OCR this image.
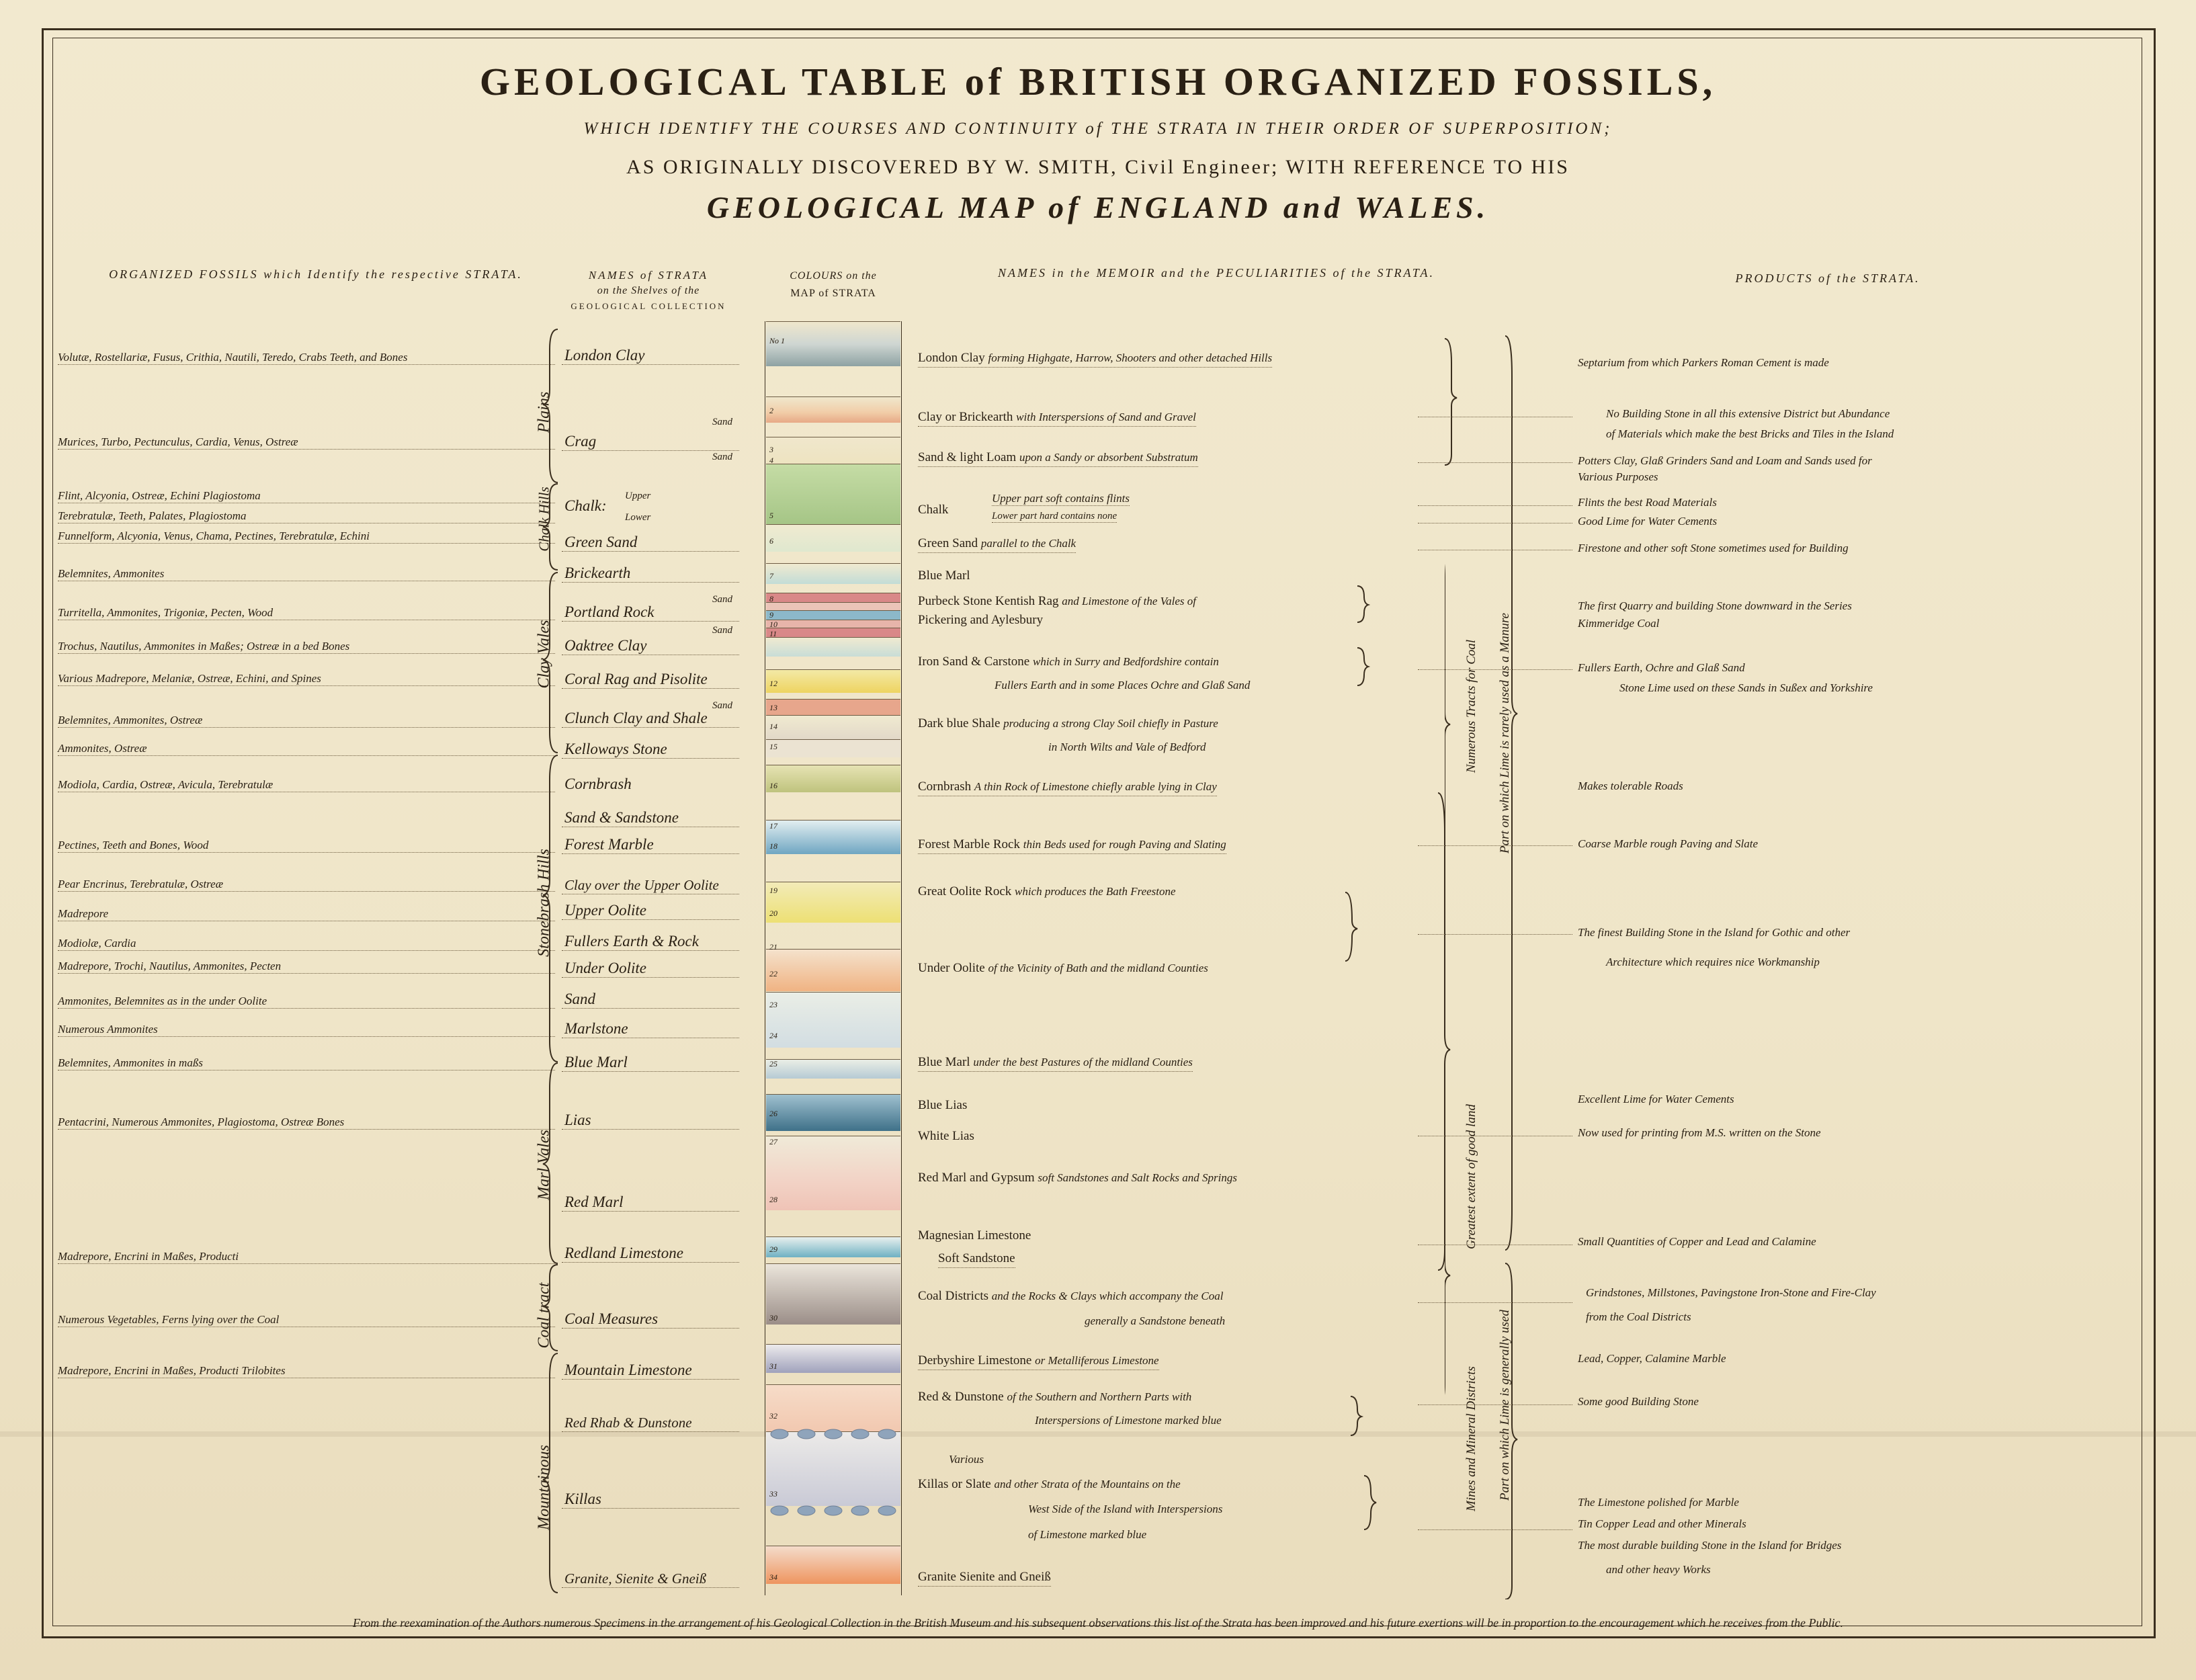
GEOLOGICAL TABLE of BRITISH ORGANIZED FOSSILS,
WHICH IDENTIFY THE COURSES AND CONTINUITY of THE STRATA IN THEIR ORDER OF SUPERPOSITION;
AS ORIGINALLY DISCOVERED BY W. SMITH, Civil Engineer; WITH REFERENCE TO HIS
GEOLOGICAL MAP of ENGLAND and WALES.
ORGANIZED FOSSILS which Identify the respective STRATA.	NAMES of STRATA
on the Shelves of the
GEOLOGICAL COLLECTION
COLOURS on the
MAP of STRATA
NAMES in the MEMOIR and the PECULIARITIES of the STRATA.	PRODUCTS of the STRATA.
No 1
2
3
4
5
6
7
8
9
10
11
12
13
14
15
16
17
18
19
20
21
22
23
24
25
26
27
28
29
30
31
32
33
34
Volutæ, Rostellariæ, Fusus, Crithia, Nautili, Teredo, Crabs Teeth, and Bones
Murices, Turbo, Pectunculus, Cardia, Venus, Ostreæ
Flint, Alcyonia, Ostreæ, Echini Plagiostoma
Terebratulæ, Teeth, Palates, Plagiostoma
Funnelform, Alcyonia, Venus, Chama, Pectines, Terebratulæ, Echini
Belemnites, Ammonites
Turritella, Ammonites, Trigoniæ, Pecten, Wood
Trochus, Nautilus, Ammonites in Maßes; Ostreæ in a bed Bones
Various Madrepore, Melaniæ, Ostreæ, Echini, and Spines
Belemnites, Ammonites, Ostreæ
Ammonites, Ostreæ
Modiola, Cardia, Ostreæ, Avicula, Terebratulæ
Pectines, Teeth and Bones, Wood
Pear Encrinus, Terebratulæ, Ostreæ
Madrepore
Modiolæ, Cardia
Madrepore, Trochi, Nautilus, Ammonites, Pecten
Ammonites, Belemnites as in the under Oolite
Numerous Ammonites
Belemnites, Ammonites in maßs
Pentacrini, Numerous Ammonites, Plagiostoma, Ostreæ Bones
Madrepore, Encrini in Maßes, Producti
Numerous Vegetables, Ferns lying over the Coal
Madrepore, Encrini in Maßes, Producti Trilobites
Plains
Chalk Hills
Clay Vales
Stonebrash Hills
Marl Vales
Coal tract
Mountainous
London Clay
Crag
Chalk:
Upper
Lower
Green Sand
Brickearth
Portland Rock
Oaktree Clay
Coral Rag and Pisolite
Clunch Clay and Shale
Kelloways Stone
Cornbrash
Sand & Sandstone
Forest Marble
Clay over the Upper Oolite
Upper Oolite
Fullers Earth & Rock
Under Oolite
Sand
Marlstone
Blue Marl
Lias
Red Marl
Redland Limestone
Coal Measures
Mountain Limestone
Red Rhab & Dunstone
Killas
Granite, Sienite & Gneiß
Sand
Sand
Sand
Sand
Sand
London Clay forming Highgate, Harrow, Shooters and other detached Hills
Clay or Brickearth with Interspersions of Sand and Gravel
Sand & light Loam upon a Sandy or absorbent Substratum
Chalk
Upper part soft contains flints
Lower part hard contains none
Green Sand parallel to the Chalk
Blue Marl
Purbeck Stone Kentish Rag and Limestone of the Vales of
Pickering and Aylesbury
Iron Sand & Carstone which in Surry and Bedfordshire contain
Fullers Earth and in some Places Ochre and Glaß Sand
Dark blue Shale producing a strong Clay Soil chiefly in Pasture
in North Wilts and Vale of Bedford
Cornbrash A thin Rock of Limestone chiefly arable lying in Clay
Forest Marble Rock thin Beds used for rough Paving and Slating
Great Oolite Rock which produces the Bath Freestone
Under Oolite of the Vicinity of Bath and the midland Counties
Blue Marl under the best Pastures of the midland Counties
Blue Lias
White Lias
Red Marl and Gypsum soft Sandstones and Salt Rocks and Springs
Magnesian Limestone
Soft Sandstone
Coal Districts and the Rocks & Clays which accompany the Coal
generally a Sandstone beneath
Derbyshire Limestone or Metalliferous Limestone
Red & Dunstone of the Southern and Northern Parts with
Interspersions of Limestone marked blue
Various
Killas or Slate and other Strata of the Mountains on the
West Side of the Island with Interspersions
of Limestone marked blue
Granite Sienite and Gneiß
Numerous Tracts for Coal
Greatest extent of good land
Mines and Mineral Districts
Part on which Lime is rarely used as a Manure
Part on which Lime is generally used
Septarium from which Parkers Roman Cement is made
No Building Stone in all this extensive District but Abundance
of Materials which make the best Bricks and Tiles in the Island
Potters Clay, Glaß Grinders Sand and Loam and Sands used for
Various Purposes
Flints the best Road Materials
Good Lime for Water Cements
Firestone and other soft Stone sometimes used for Building
The first Quarry and building Stone downward in the Series
Kimmeridge Coal
Fullers Earth, Ochre and Glaß Sand
Stone Lime used on these Sands in Sußex and Yorkshire
Makes tolerable Roads
Coarse Marble rough Paving and Slate
The finest Building Stone in the Island for Gothic and other
Architecture which requires nice Workmanship
Excellent Lime for Water Cements
Now used for printing from M.S. written on the Stone
Small Quantities of Copper and Lead and Calamine
Grindstones, Millstones, Pavingstone Iron-Stone and Fire-Clay
from the Coal Districts
Lead, Copper, Calamine Marble
Some good Building Stone
The Limestone polished for Marble
Tin Copper Lead and other Minerals
The most durable building Stone in the Island for Bridges
and other heavy Works
From the reexamination of the Authors numerous Specimens in the arrangement of his Geological Collection in the British Museum and his subsequent observations this list of the Strata has been improved and his future exertions will be in proportion to the encouragement which he receives from the Public.
